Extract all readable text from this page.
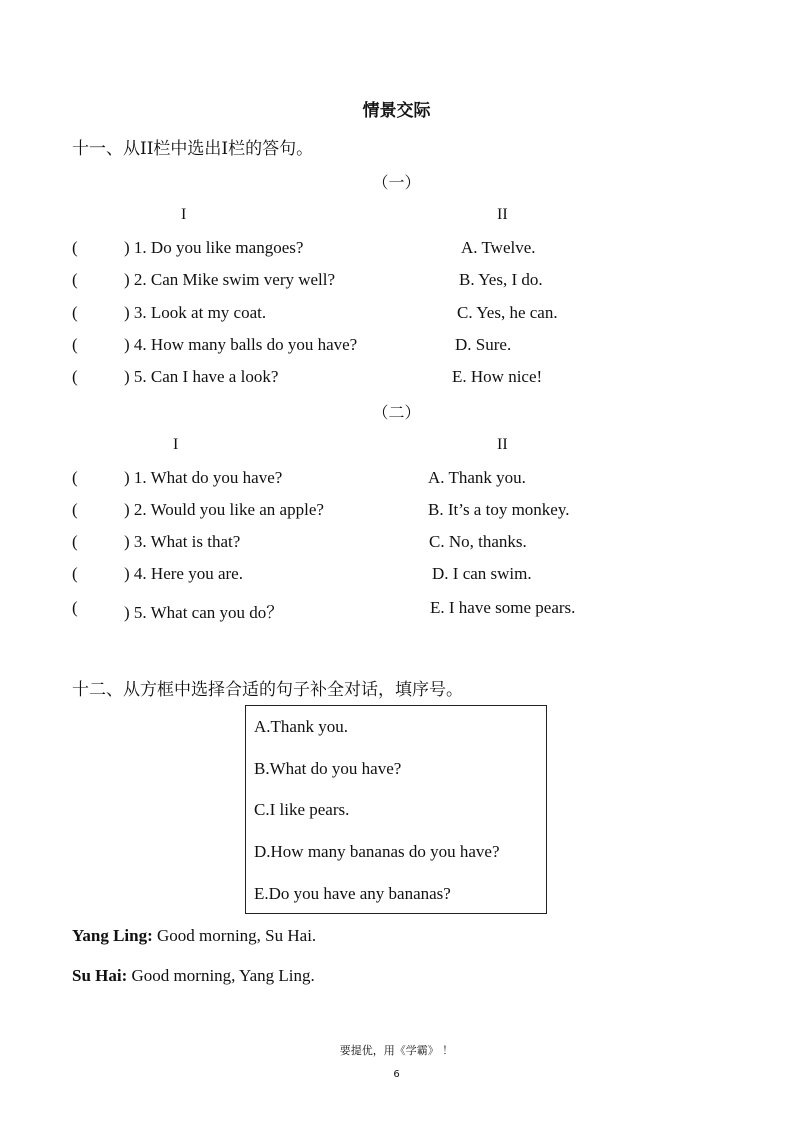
情景交际
十一、从II栏中选出I栏的答句。
（一）
I	II
(	) 1. Do you like mangoes?	A. Twelve.
(	) 2. Can Mike swim very well?	B. Yes, I do.
(	) 3. Look at my coat.	C. Yes, he can.
(	) 4. How many balls do you have?	D. Sure.
(	) 5. Can I have a look?	E. How nice!
（二）
I	II
(	) 1. What do you have?	A. Thank you.
(	) 2. Would you like an apple?	B. It’s a toy monkey.
(	) 3. What is that?	C. No, thanks.
(	) 4. Here you are.	D. I can swim.
(	) 5. What can you do？	E. I have some pears.
十二、从方框中选择合适的句子补全对话，填序号。
A.Thank you.
B.What do you have?
C.I like pears.
D.How many bananas do you have?
E.Do you have any bananas?
Yang Ling: Good morning, Su Hai.
Su Hai: Good morning, Yang Ling.
要提优，用《学霸》 ！
6
